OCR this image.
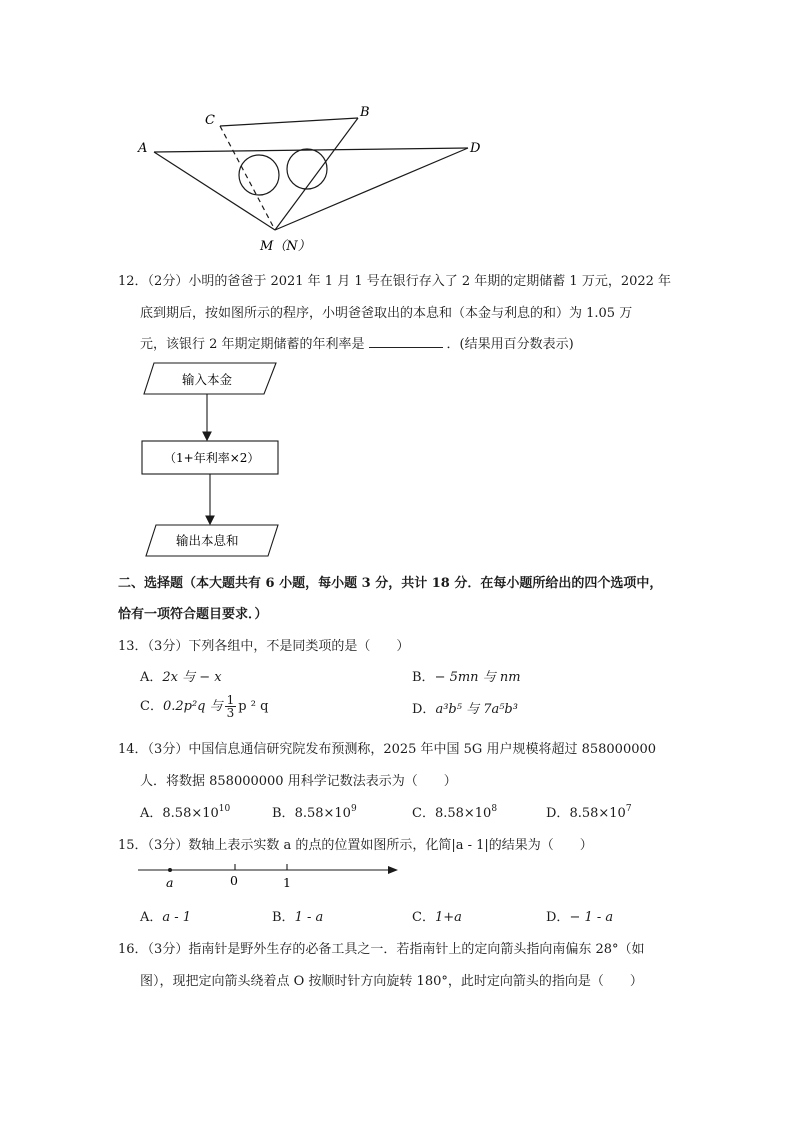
A
C
B
D
M（N）
12．（2分）小明的爸爸于 2021 年 1 月 1 号在银行存入了 2 年期的定期储蓄 1 万元，2022 年
底到期后，按如图所示的程序，小明爸爸取出的本息和（本金与利息的和）为 1.05 万
元，该银行 2 年期定期储蓄的年利率是	．(结果用百分数表示)
输入本金
（1+年利率×2）
输出本息和
二、选择题（本大题共有 6 小题，每小题 3 分，共计 18 分．在每小题所给出的四个选项中，
恰有一项符合题目要求．）
13．（3分）下列各组中，不是同类项的是（　　）
A．2x 与 − x	B．− 5mn 与 nm
C．0.2p²q 与 $\frac{1}{3}$ p ² q	D．a³b⁵ 与 7a⁵b³
14．（3分）中国信息通信研究院发布预测称，2025 年中国 5G 用户规模将超过 858000000
人．将数据 858000000 用科学记数法表示为（　　）
A．$8.58\times 10^{10}$	B．$8.58\times 10^9$	C．$8.58\times 10^8$	D．$8.58\times 10^7$
15．（3分）数轴上表示实数 a 的点的位置如图所示，化简|a - 1|的结果为（　　）
a	0	1
A．a - 1	B．1 - a	C．1+a	D．− 1 - a
16．（3分）指南针是野外生存的必备工具之一．若指南针上的定向箭头指向南偏东 28°（如
图），现把定向箭头绕着点 O 按顺时针方向旋转 180°，此时定向箭头的指向是（　　）
